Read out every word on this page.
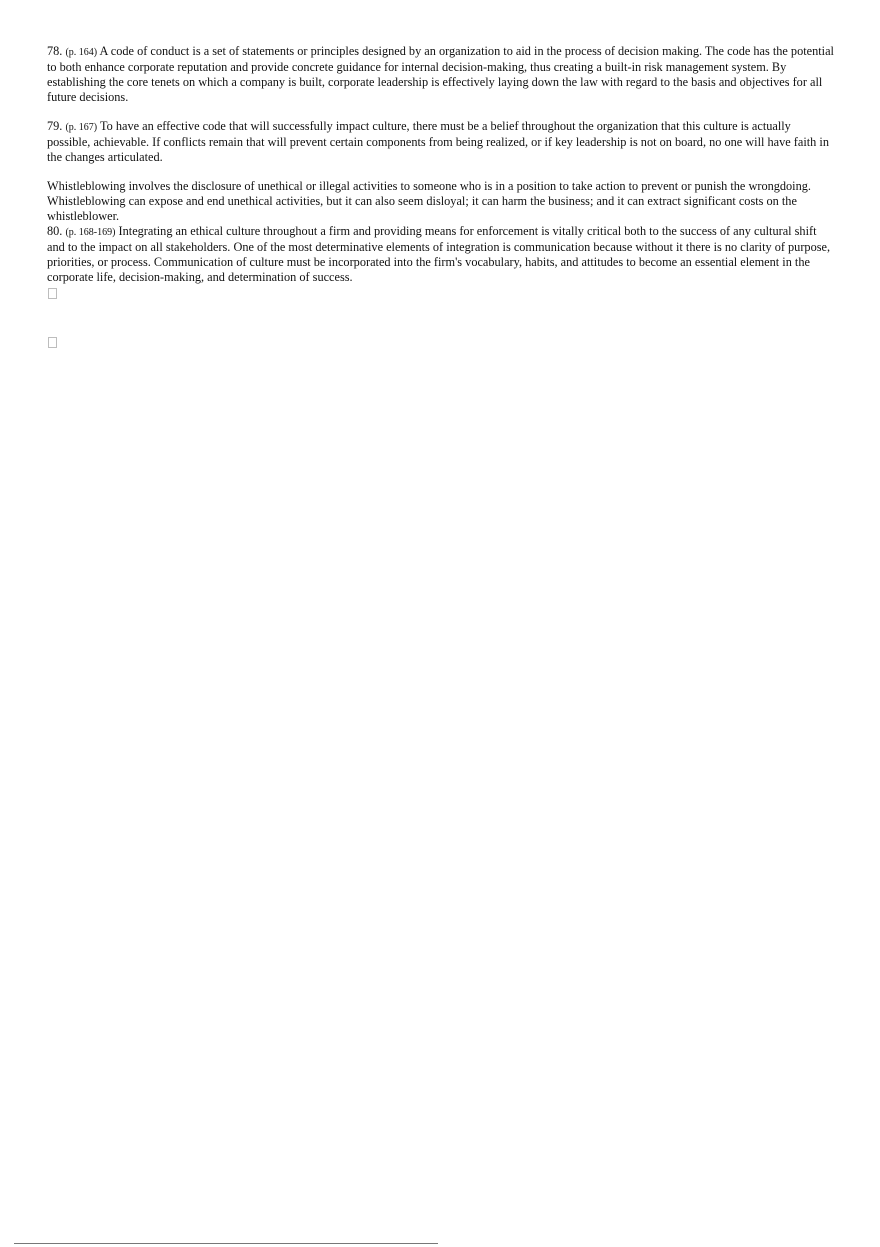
78. (p. 164) A code of conduct is a set of statements or principles designed by an organization to aid in the process of decision making. The code has the potential to both enhance corporate reputation and provide concrete guidance for internal decision-making, thus creating a built-in risk management system. By establishing the core tenets on which a company is built, corporate leadership is effectively laying down the law with regard to the basis and objectives for all future decisions.

79. (p. 167) To have an effective code that will successfully impact culture, there must be a belief throughout the organization that this culture is actually possible, achievable. If conflicts remain that will prevent certain components from being realized, or if key leadership is not on board, no one will have faith in the changes articulated.

Whistleblowing involves the disclosure of unethical or illegal activities to someone who is in a position to take action to prevent or punish the wrongdoing. Whistleblowing can expose and end unethical activities, but it can also seem disloyal; it can harm the business; and it can extract significant costs on the whistleblower.

80. (p. 168-169) Integrating an ethical culture throughout a firm and providing means for enforcement is vitally critical both to the success of any cultural shift and to the impact on all stakeholders. One of the most determinative elements of integration is communication because without it there is no clarity of purpose, priorities, or process. Communication of culture must be incorporated into the firm's vocabulary, habits, and attitudes to become an essential element in the corporate life, decision-making, and determination of success.
